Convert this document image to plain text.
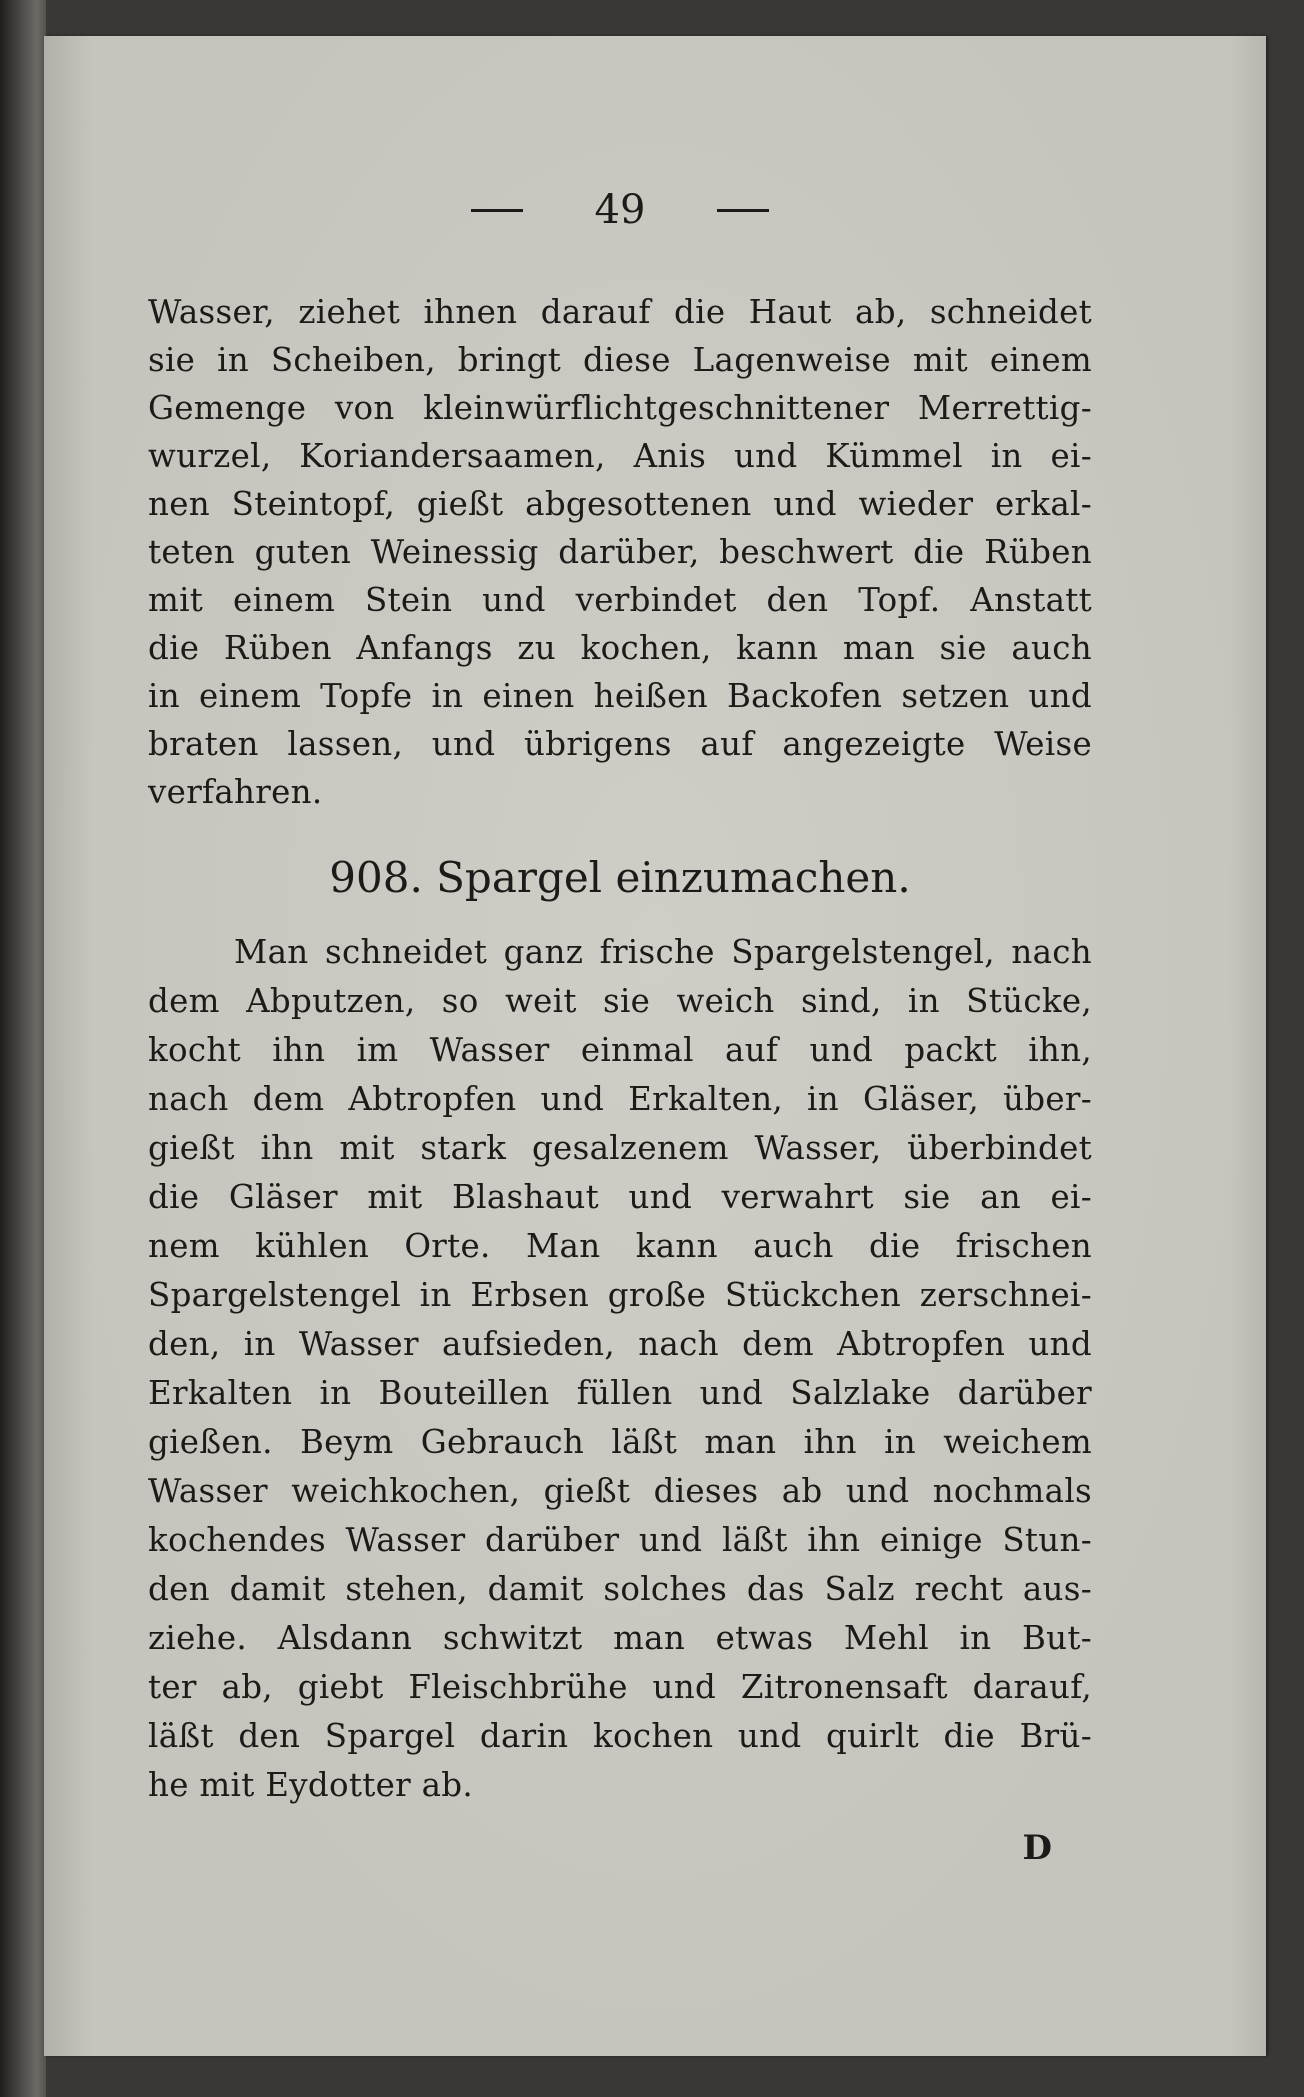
49
Wasser, ziehet ihnen darauf die Haut ab, schneidet
sie in Scheiben, bringt diese Lagenweise mit einem
Gemenge von kleinwürflichtgeschnittener Merrettig-
wurzel, Koriandersaamen, Anis und Kümmel in ei-
nen Steintopf, gießt abgesottenen und wieder erkal-
teten guten Weinessig darüber, beschwert die Rüben
mit einem Stein und verbindet den Topf. Anstatt
die Rüben Anfangs zu kochen, kann man sie auch
in einem Topfe in einen heißen Backofen setzen und
braten lassen, und übrigens auf angezeigte Weise
verfahren.
908. Spargel einzumachen.
Man schneidet ganz frische Spargelstengel, nach
dem Abputzen, so weit sie weich sind, in Stücke,
kocht ihn im Wasser einmal auf und packt ihn,
nach dem Abtropfen und Erkalten, in Gläser, über-
gießt ihn mit stark gesalzenem Wasser, überbindet
die Gläser mit Blashaut und verwahrt sie an ei-
nem kühlen Orte. Man kann auch die frischen
Spargelstengel in Erbsen große Stückchen zerschnei-
den, in Wasser aufsieden, nach dem Abtropfen und
Erkalten in Bouteillen füllen und Salzlake darüber
gießen. Beym Gebrauch läßt man ihn in weichem
Wasser weichkochen, gießt dieses ab und nochmals
kochendes Wasser darüber und läßt ihn einige Stun-
den damit stehen, damit solches das Salz recht aus-
ziehe. Alsdann schwitzt man etwas Mehl in But-
ter ab, giebt Fleischbrühe und Zitronensaft darauf,
läßt den Spargel darin kochen und quirlt die Brü-
he mit Eydotter ab.
D
